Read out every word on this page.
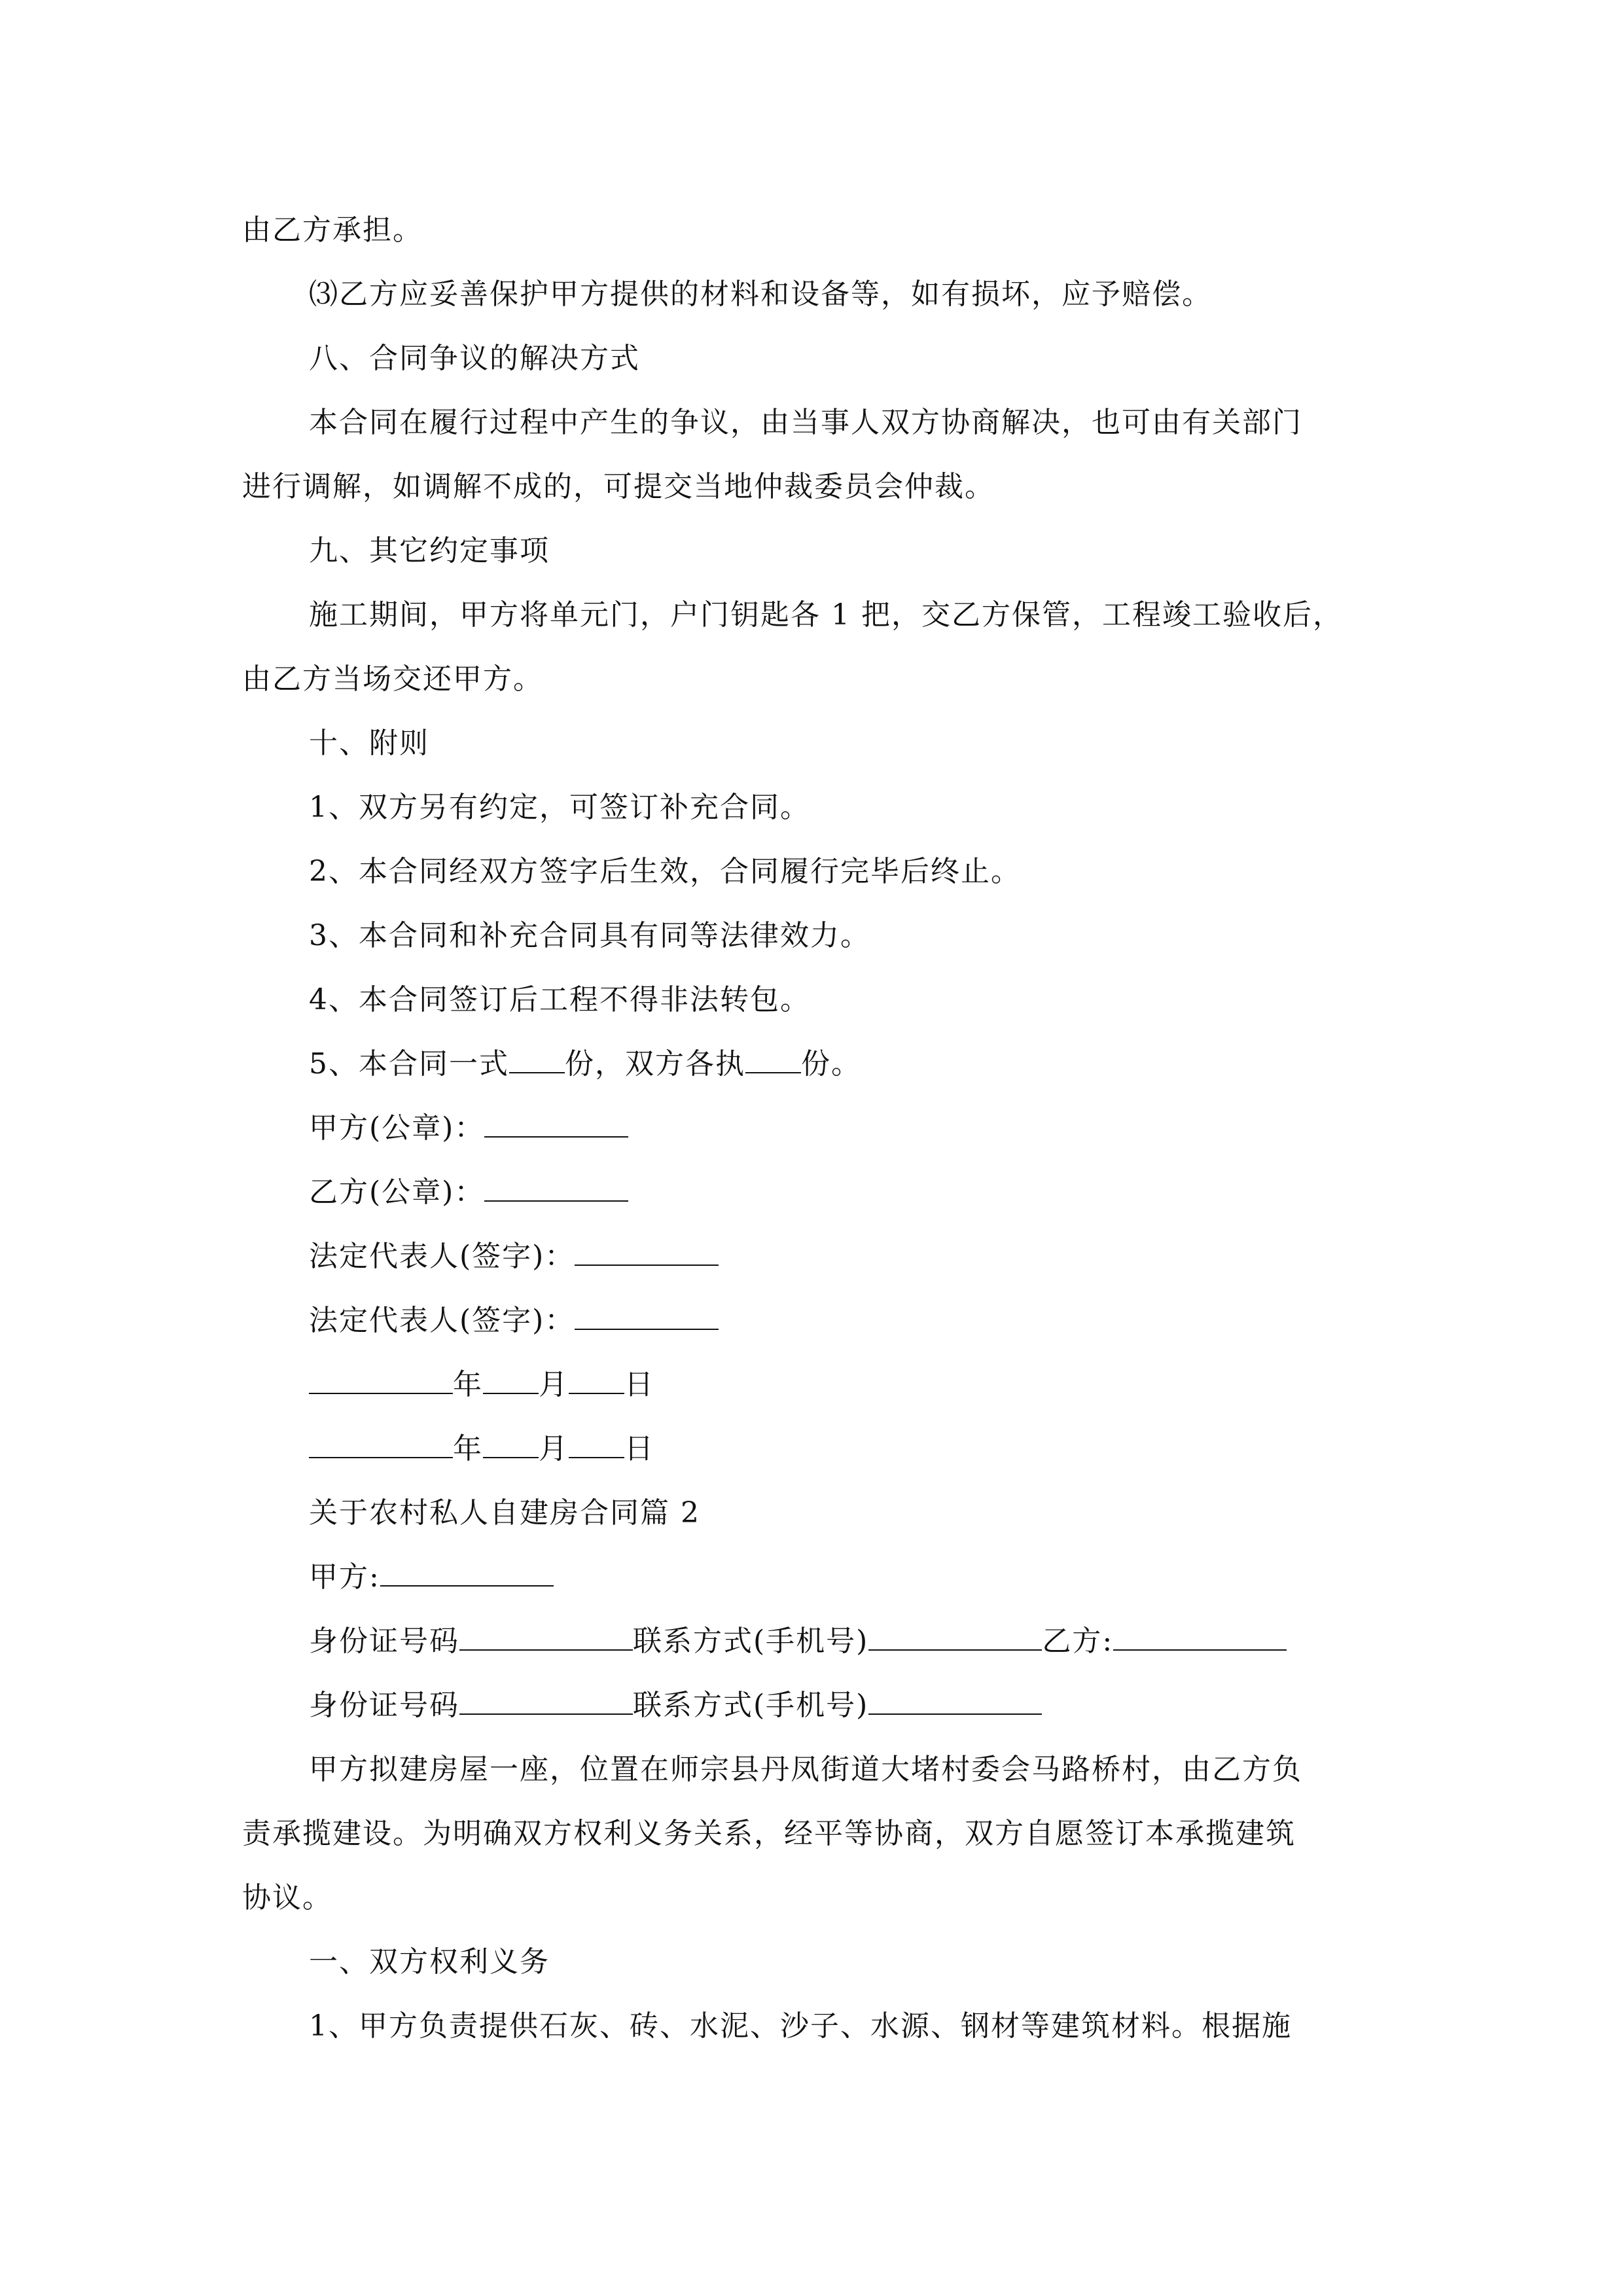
由乙方承担。
⑶乙方应妥善保护甲方提供的材料和设备等，如有损坏，应予赔偿。
八、合同争议的解决方式
本合同在履行过程中产生的争议，由当事人双方协商解决，也可由有关部门
进行调解，如调解不成的，可提交当地仲裁委员会仲裁。
九、其它约定事项
施工期间，甲方将单元门，户门钥匙各 1 把，交乙方保管，工程竣工验收后，
由乙方当场交还甲方。
十、附则
1、双方另有约定，可签订补充合同。
2、本合同经双方签字后生效，合同履行完毕后终止。
3、本合同和补充合同具有同等法律效力。
4、本合同签订后工程不得非法转包。
5、本合同一式 份，双方各执 份。
甲方(公章)：
乙方(公章)：
法定代表人(签字)：
法定代表人(签字)：
年 月 日
年 月 日
关于农村私人自建房合同篇 2
甲方:
身份证号码	联系方式(手机号)	乙方:
身份证号码	联系方式(手机号)
甲方拟建房屋一座，位置在师宗县丹凤街道大堵村委会马路桥村，由乙方负
责承揽建设。为明确双方权利义务关系，经平等协商，双方自愿签订本承揽建筑
协议。
一、双方权利义务
1、甲方负责提供石灰、砖、水泥、沙子、水源、钢材等建筑材料。根据施
